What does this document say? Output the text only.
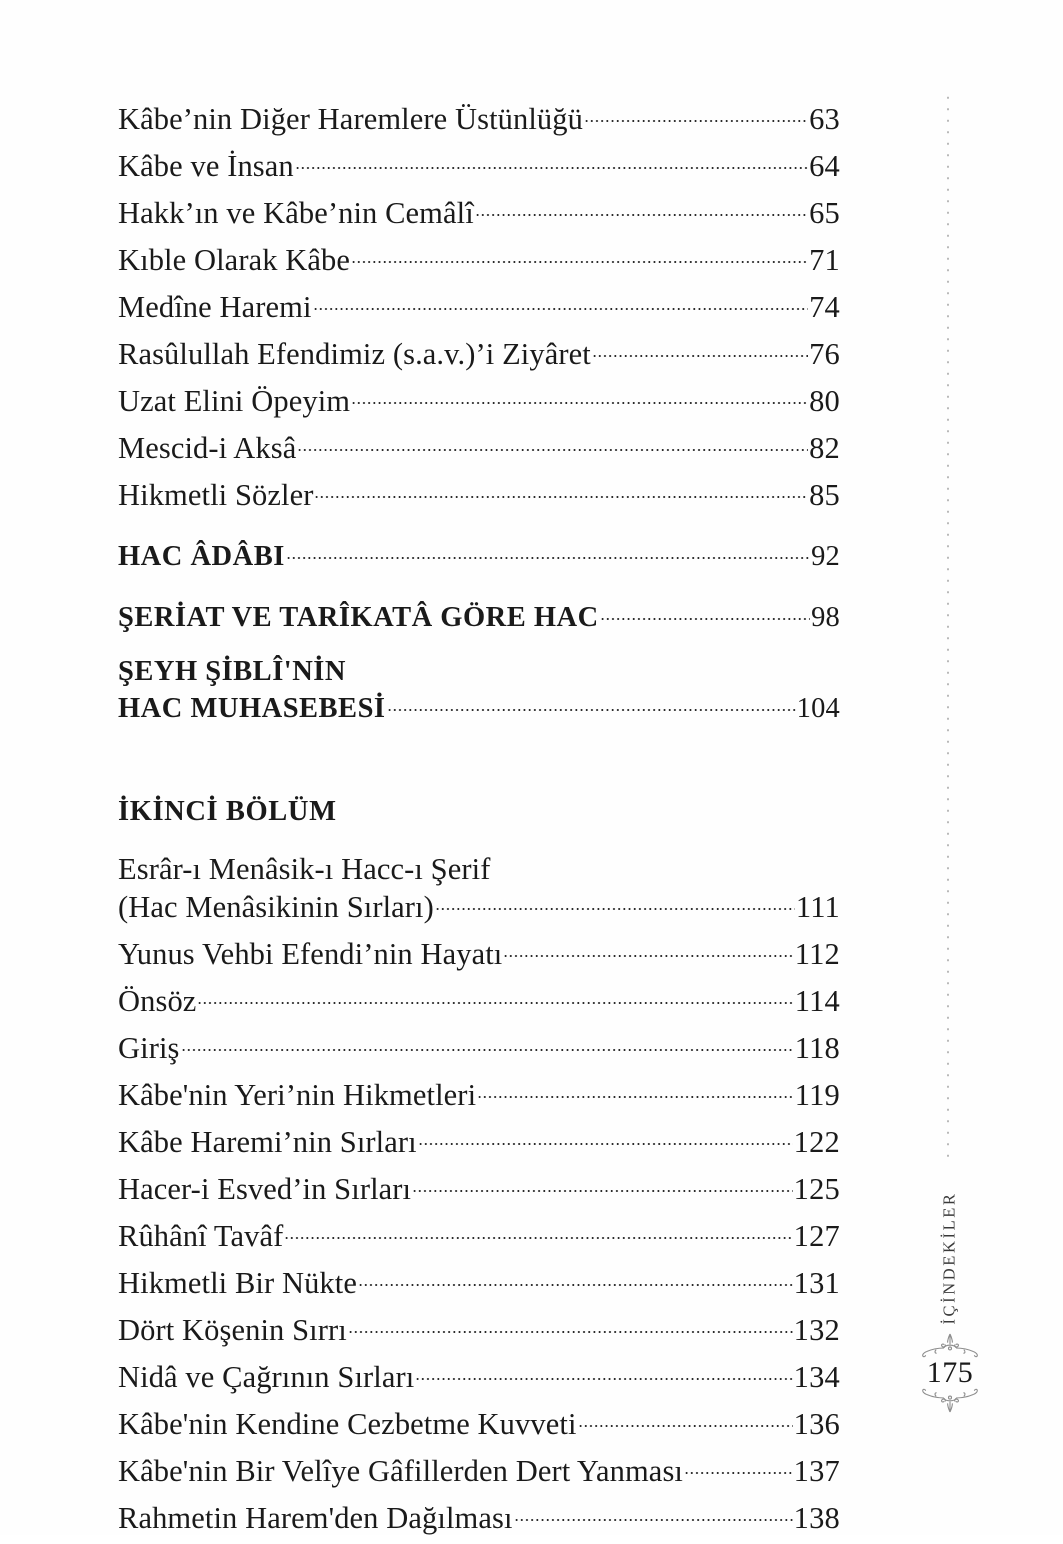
Kâbe’nin Diğer Haremlere Üstünlüğü	63
Kâbe ve İnsan	64
Hakk’ın ve Kâbe’nin Cemâlî	65
Kıble Olarak Kâbe	71
Medîne Haremi	74
Rasûlullah Efendimiz (s.a.v.)’i Ziyâret	76
Uzat Elini Öpeyim	80
Mescid-i Aksâ	82
Hikmetli Sözler	85
HAC ÂDÂBI	92
ŞERİAT VE TARÎKATÂ GÖRE HAC	98
ŞEYH ŞİBLÎ'NİN
HAC MUHASEBESİ	104
İKİNCİ BÖLÜM
Esrâr-ı Menâsik-ı Hacc-ı Şerif
(Hac Menâsikinin Sırları)	111
Yunus Vehbi Efendi’nin Hayatı	112
Önsöz	114
Giriş	118
Kâbe'nin Yeri’nin Hikmetleri	119
Kâbe Haremi’nin Sırları	122
Hacer-i Esved’in Sırları	125
Rûhânî Tavâf	127
Hikmetli Bir Nükte	131
Dört Köşenin Sırrı	132
Nidâ ve Çağrının Sırları	134
Kâbe'nin Kendine Cezbetme Kuvveti	136
Kâbe'nin Bir Velîye Gâfillerden Dert Yanması	137
Rahmetin Harem'den Dağılması	138
İÇİNDEKİLER
175
